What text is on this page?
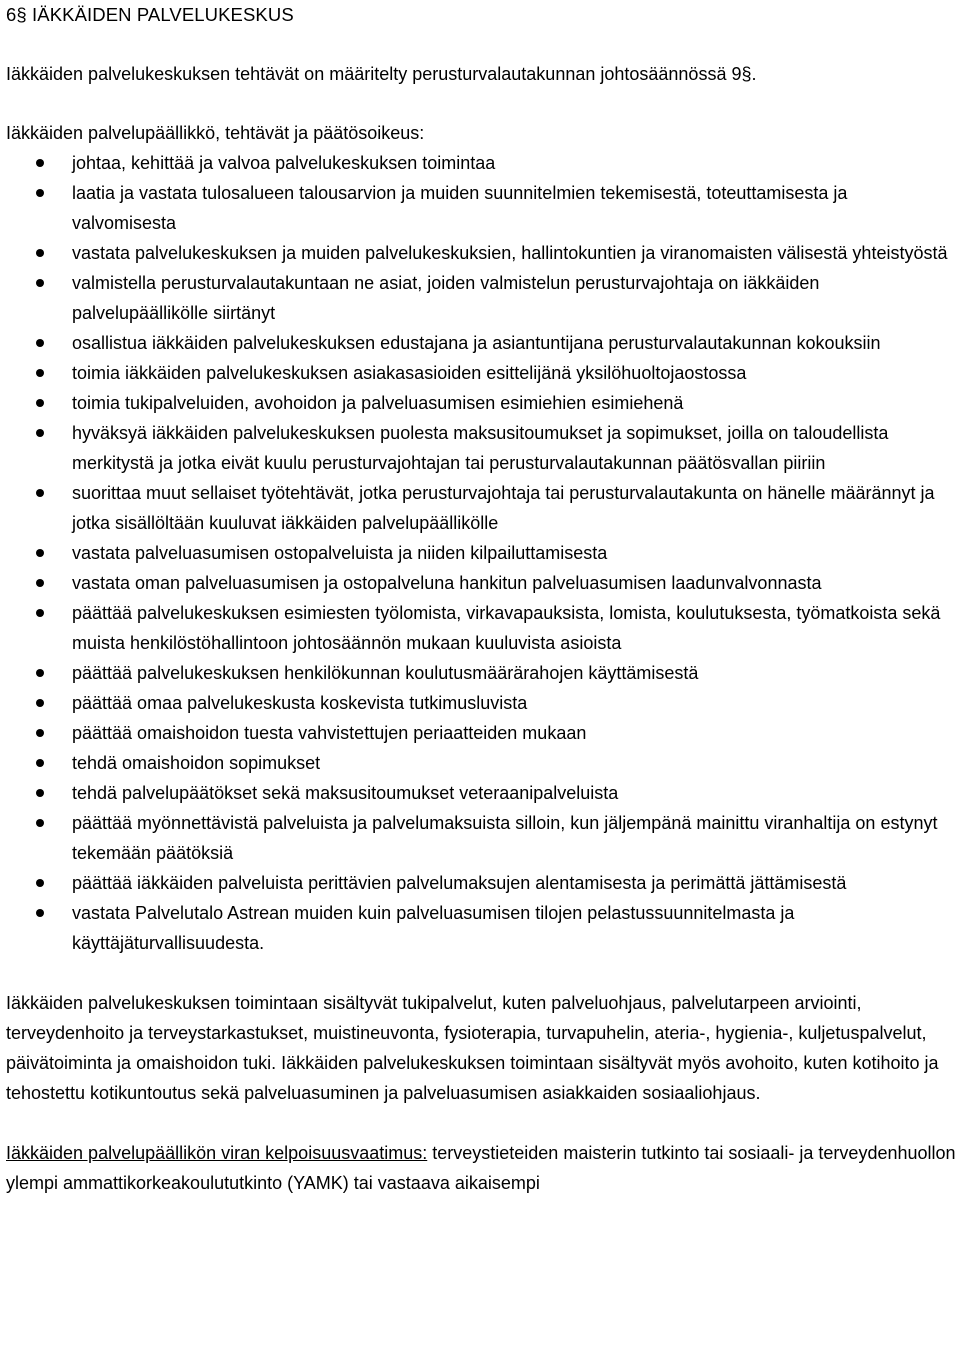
6§ IÄKKÄIDEN PALVELUKESKUS

Iäkkäiden palvelukeskuksen tehtävät on määritelty perusturvalautakunnan johtosäännössä 9§.

Iäkkäiden palvelupäällikkö, tehtävät ja päätösoikeus:

johtaa, kehittää ja valvoa palvelukeskuksen toimintaa
laatia ja vastata tulosalueen talousarvion ja muiden suunnitelmien tekemisestä, toteuttamisesta ja valvomisesta
vastata palvelukeskuksen ja muiden palvelukeskuksien, hallintokuntien ja viranomaisten välisestä yhteistyöstä
valmistella perusturvalautakuntaan ne asiat, joiden valmistelun perusturvajohtaja on iäkkäiden palvelupäällikölle siirtänyt
osallistua iäkkäiden palvelukeskuksen edustajana ja asiantuntijana perusturvalautakunnan kokouksiin
toimia iäkkäiden palvelukeskuksen asiakasasioiden esittelijänä yksilöhuoltojaostossa
toimia tukipalveluiden, avohoidon ja palveluasumisen esimiehien esimiehenä
hyväksyä iäkkäiden palvelukeskuksen puolesta maksusitoumukset ja sopimukset, joilla on taloudellista merkitystä ja jotka eivät kuulu perusturvajohtajan tai perusturvalautakunnan päätösvallan piiriin
suorittaa muut sellaiset työtehtävät, jotka perusturvajohtaja tai perusturvalautakunta on hänelle määrännyt ja jotka sisällöltään kuuluvat iäkkäiden palvelupäällikölle
vastata palveluasumisen ostopalveluista ja niiden kilpailuttamisesta
vastata oman palveluasumisen ja ostopalveluna hankitun palveluasumisen laadunvalvonnasta
päättää palvelukeskuksen esimiesten työlomista, virkavapauksista, lomista, koulutuksesta, työmatkoista sekä muista henkilöstöhallintoon johtosäännön mukaan kuuluvista asioista
päättää palvelukeskuksen henkilökunnan koulutusmäärärahojen käyttämisestä
päättää omaa palvelukeskusta koskevista tutkimusluvista
päättää omaishoidon tuesta vahvistettujen periaatteiden mukaan
tehdä omaishoidon sopimukset
tehdä palvelupäätökset sekä maksusitoumukset veteraanipalveluista
päättää myönnettävistä palveluista ja palvelumaksuista silloin, kun jäljempänä mainittu viranhaltija on estynyt tekemään päätöksiä
päättää iäkkäiden palveluista perittävien palvelumaksujen alentamisesta ja perimättä jättämisestä
vastata Palvelutalo Astrean muiden kuin palveluasumisen tilojen pelastussuunnitelmasta ja käyttäjäturvallisuudesta.

Iäkkäiden palvelukeskuksen toimintaan sisältyvät tukipalvelut, kuten palveluohjaus, palvelutarpeen arviointi, terveydenhoito ja terveystarkastukset, muistineuvonta, fysioterapia, turvapuhelin, ateria-, hygienia-, kuljetuspalvelut, päivätoiminta ja omaishoidon tuki. Iäkkäiden palvelukeskuksen toimintaan sisältyvät myös avohoito, kuten kotihoito ja tehostettu kotikuntoutus sekä palveluasuminen ja palveluasumisen asiakkaiden sosiaaliohjaus.

Iäkkäiden palvelupäällikön viran kelpoisuusvaatimus: terveystieteiden maisterin tutkinto tai sosiaali- ja terveydenhuollon ylempi ammattikorkeakoulututkinto (YAMK) tai vastaava aikaisempi
